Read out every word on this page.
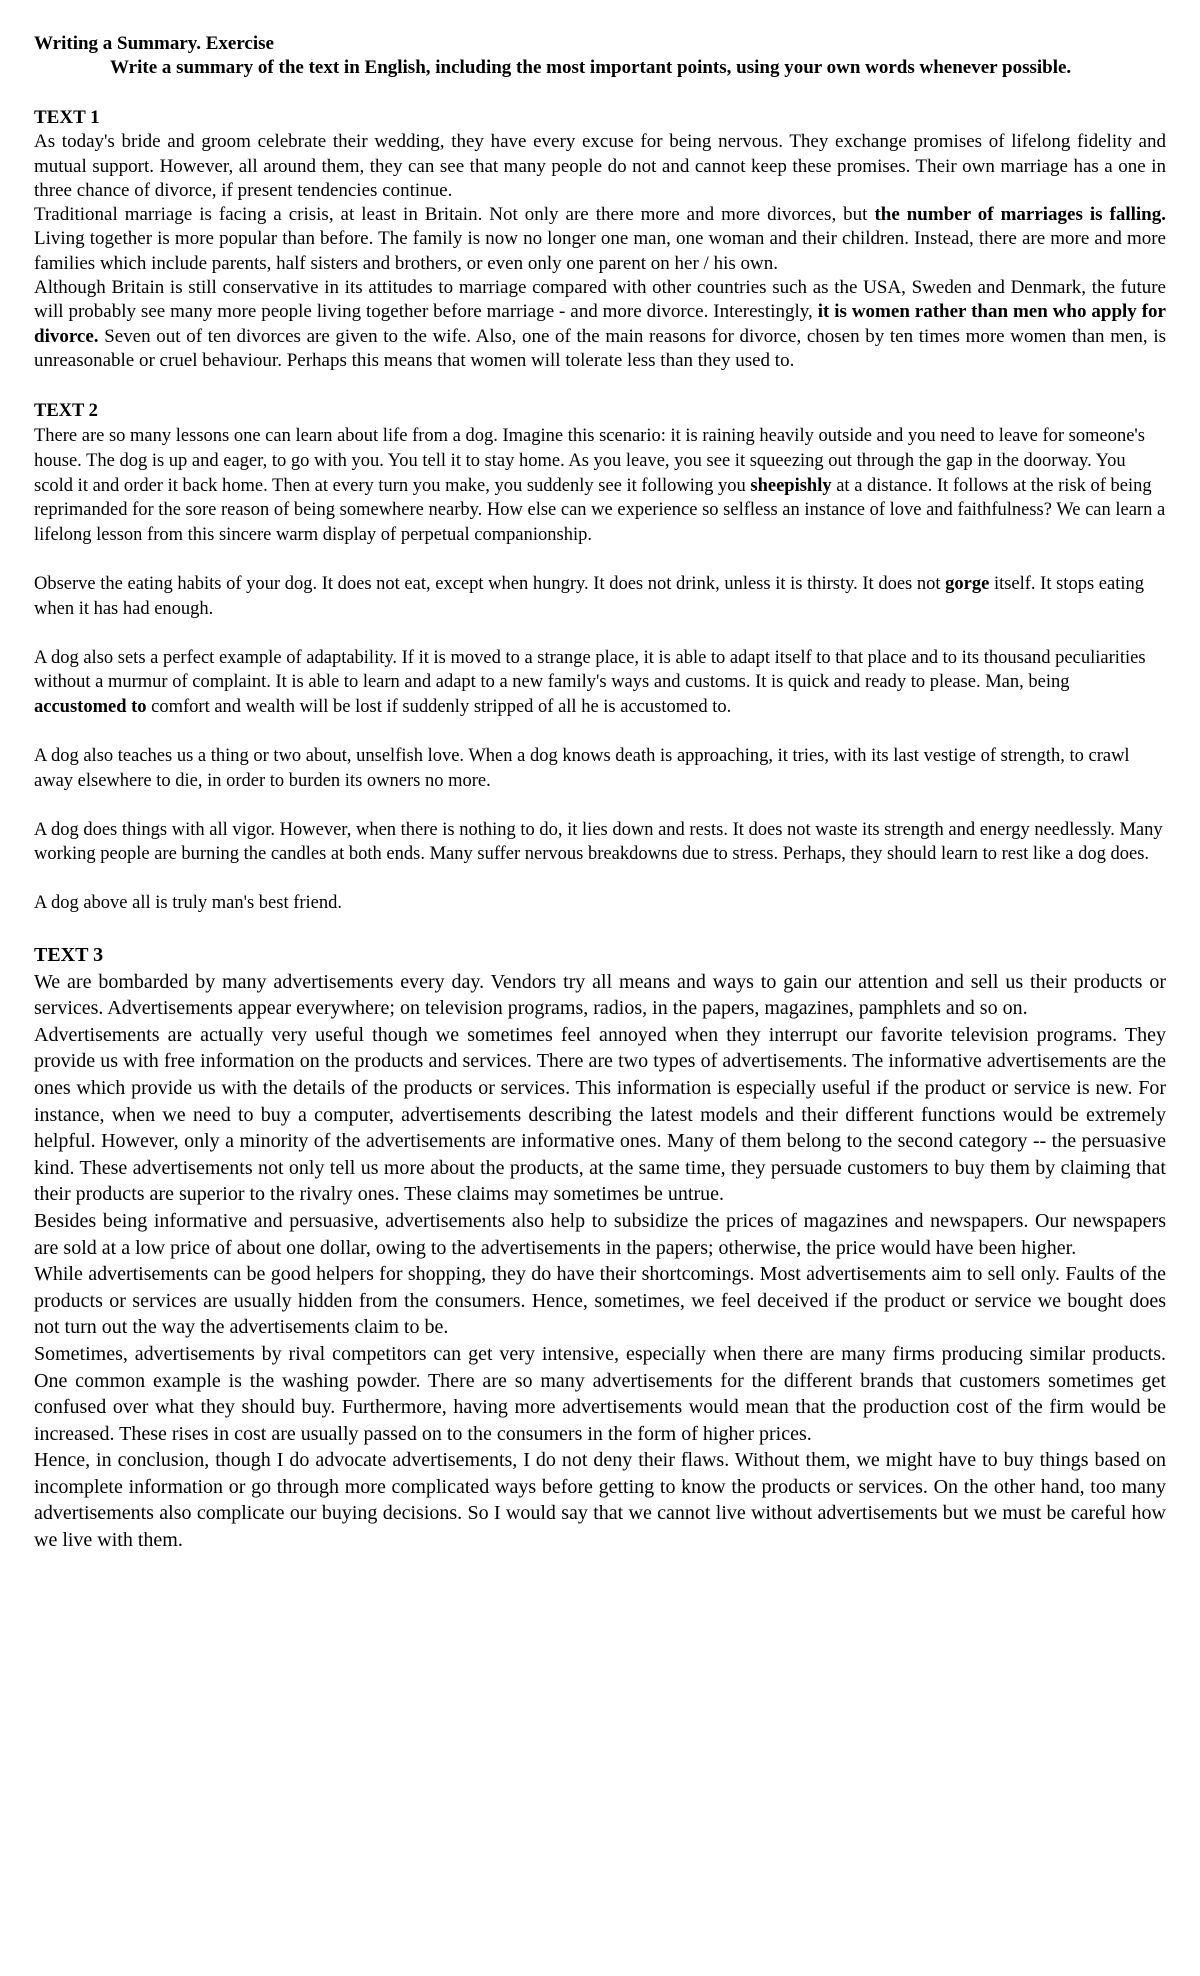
Writing a Summary. Exercise

Write a summary of the text in English, including the most important points, using your own words whenever possible.

TEXT 1

As today's bride and groom celebrate their wedding, they have every excuse for being nervous. They exchange promises of lifelong fidelity and mutual support. However, all around them, they can see that many people do not and cannot keep these promises. Their own marriage has a one in three chance of divorce, if present tendencies continue.

Traditional marriage is facing a crisis, at least in Britain. Not only are there more and more divorces, but the number of marriages is falling. Living together is more popular than before. The family is now no longer one man, one woman and their children. Instead, there are more and more families which include parents, half sisters and brothers, or even only one parent on her / his own.

Although Britain is still conservative in its attitudes to marriage compared with other countries such as the USA, Sweden and Denmark, the future will probably see many more people living together before marriage - and more divorce. Interestingly, it is women rather than men who apply for divorce. Seven out of ten divorces are given to the wife. Also, one of the main reasons for divorce, chosen by ten times more women than men, is unreasonable or cruel behaviour. Perhaps this means that women will tolerate less than they used to.

TEXT 2

There are so many lessons one can learn about life from a dog. Imagine this scenario: it is raining heavily outside and you need to leave for someone's house. The dog is up and eager, to go with you. You tell it to stay home. As you leave, you see it squeezing out through the gap in the doorway. You scold it and order it back home. Then at every turn you make, you suddenly see it following you sheepishly at a distance. It follows at the risk of being reprimanded for the sore reason of being somewhere nearby. How else can we experience so selfless an instance of love and faithfulness? We can learn a lifelong lesson from this sincere warm display of perpetual companionship.

Observe the eating habits of your dog. It does not eat, except when hungry. It does not drink, unless it is thirsty. It does not gorge itself. It stops eating when it has had enough.

A dog also sets a perfect example of adaptability. If it is moved to a strange place, it is able to adapt itself to that place and to its thousand peculiarities without a murmur of complaint. It is able to learn and adapt to a new family's ways and customs. It is quick and ready to please. Man, being accustomed to comfort and wealth will be lost if suddenly stripped of all he is accustomed to.

A dog also teaches us a thing or two about, unselfish love. When a dog knows death is approaching, it tries, with its last vestige of strength, to crawl away elsewhere to die, in order to burden its owners no more.

A dog does things with all vigor. However, when there is nothing to do, it lies down and rests. It does not waste its strength and energy needlessly. Many working people are burning the candles at both ends. Many suffer nervous breakdowns due to stress. Perhaps, they should learn to rest like a dog does.

A dog above all is truly man's best friend.

TEXT 3

We are bombarded by many advertisements every day. Vendors try all means and ways to gain our attention and sell us their products or services. Advertisements appear everywhere; on television programs, radios, in the papers, magazines, pamphlets and so on.

Advertisements are actually very useful though we sometimes feel annoyed when they interrupt our favorite television programs. They provide us with free information on the products and services. There are two types of advertisements. The informative advertisements are the ones which provide us with the details of the products or services. This information is especially useful if the product or service is new. For instance, when we need to buy a computer, advertisements describing the latest models and their different functions would be extremely helpful. However, only a minority of the advertisements are informative ones. Many of them belong to the second category -- the persuasive kind. These advertisements not only tell us more about the products, at the same time, they persuade customers to buy them by claiming that their products are superior to the rivalry ones. These claims may sometimes be untrue.

Besides being informative and persuasive, advertisements also help to subsidize the prices of magazines and newspapers. Our newspapers are sold at a low price of about one dollar, owing to the advertisements in the papers; otherwise, the price would have been higher.

While advertisements can be good helpers for shopping, they do have their shortcomings. Most advertisements aim to sell only. Faults of the products or services are usually hidden from the consumers. Hence, sometimes, we feel deceived if the product or service we bought does not turn out the way the advertisements claim to be.

Sometimes, advertisements by rival competitors can get very intensive, especially when there are many firms producing similar products. One common example is the washing powder. There are so many advertisements for the different brands that customers sometimes get confused over what they should buy. Furthermore, having more advertisements would mean that the production cost of the firm would be increased. These rises in cost are usually passed on to the consumers in the form of higher prices.

Hence, in conclusion, though I do advocate advertisements, I do not deny their flaws. Without them, we might have to buy things based on incomplete information or go through more complicated ways before getting to know the products or services. On the other hand, too many advertisements also complicate our buying decisions. So I would say that we cannot live without advertisements but we must be careful how we live with them.
